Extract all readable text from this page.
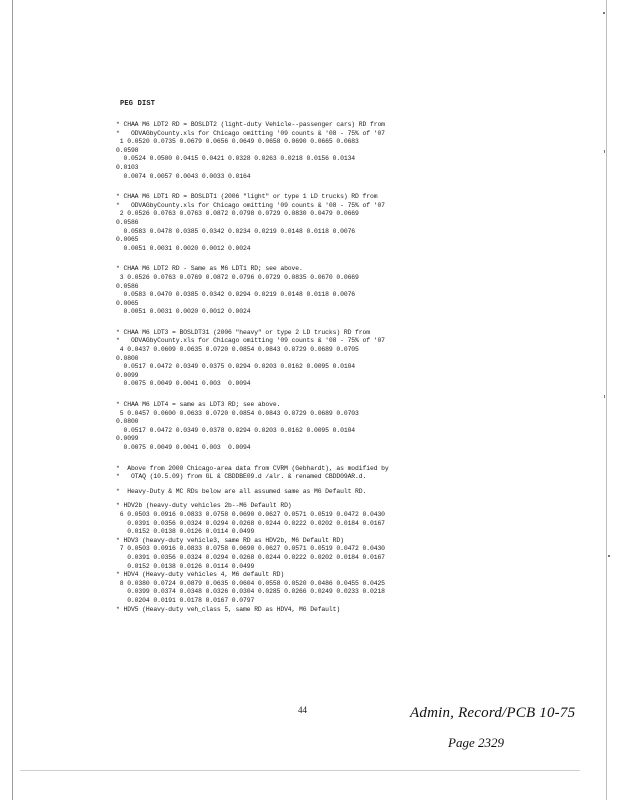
PEG DIST
* CHAA M6 LDT2 RD = BOSLDT2 (light-duty Vehicle--passenger cars) RD from
*   ODVAGbyCounty.xls for Chicago omitting '09 counts & '08 - 75% of '07
1 0.0520 0.0735 0.0679 0.0656 0.0649 0.0658 0.0690 0.0665 0.0683
0.0598
0.0524 0.0500 0.0415 0.0421 0.0328 0.0263 0.0218 0.0156 0.0134
0.0103
0.0074 0.0057 0.0043 0.0033 0.0164
* CHAA M6 LDT1 RD = BOSLDT1 (2006 "light" or type 1 LD trucks) RD from
*   ODVAGbyCounty.xls for Chicago omitting '09 counts & '08 - 75% of '07
2 0.0526 0.0763 0.0763 0.0872 0.0798 0.0729 0.0830 0.0479 0.0669
0.0586
0.0583 0.0478 0.0385 0.0342 0.0234 0.0219 0.0148 0.0118 0.0076
0.0065
0.0051 0.0031 0.0020 0.0012 0.0024
* CHAA M6 LDT2 RD - Same as M6 LDT1 RD; see above.
3 0.0526 0.0763 0.0769 0.0872 0.0796 0.0729 0.0835 0.0670 0.0669
0.0586
0.0583 0.0470 0.0385 0.0342 0.0294 0.0219 0.0148 0.0118 0.0076
0.0065
0.0051 0.0031 0.0020 0.0012 0.0024
* CHAA M6 LDT3 = BOSLDT31 (2006 "heavy" or type 2 LD trucks) RD from
*   ODVAGbyCounty.xls for Chicago omitting '09 counts & '08 - 75% of '07
4 0.0437 0.0609 0.0635 0.0720 0.0854 0.0843 0.0729 0.0689 0.0705
0.0800
0.0517 0.0472 0.0349 0.0375 0.0294 0.0203 0.0162 0.0095 0.0104
0.0099
0.0075 0.0049 0.0041 0.003  0.0094
* CHAA M6 LDT4 = same as LDT3 RD; see above.
5 0.0457 0.0600 0.0633 0.0720 0.0854 0.0843 0.0729 0.0689 0.0703
0.0800
0.0517 0.0472 0.0349 0.0378 0.0294 0.0203 0.0162 0.0095 0.0104
0.0099
0.0075 0.0049 0.0041 0.003  0.0094
*  Above from 2000 Chicago-area data from CVRM (Gebhardt), as modified by
*   OTAQ (10.5.09) from GL & CBDDBE09.d /alr. & renamed CBDD09AR.d.
*  Heavy-Duty & MC RDs below are all assumed same as M6 Default RD.
* HDV2b (heavy-duty vehicles 2b--M6 Default RD)
6 0.0503 0.0916 0.0833 0.0758 0.0690 0.0627 0.0571 0.0519 0.0472 0.0430
0.0391 0.0356 0.0324 0.0294 0.0268 0.0244 0.0222 0.0202 0.0184 0.0167
0.0152 0.0138 0.0126 0.0114 0.0499
* HDV3 (heavy-duty vehicle3, same RD as HDV2b, M6 Default RD)
7 0.0503 0.0916 0.0833 0.0758 0.0690 0.0627 0.0571 0.0519 0.0472 0.0430
0.0391 0.0356 0.0324 0.0294 0.0268 0.0244 0.0222 0.0202 0.0184 0.0167
0.0152 0.0138 0.0126 0.0114 0.0499
* HDV4 (Heavy-duty vehicles 4, M6 default RD)
8 0.0380 0.0724 0.0879 0.0635 0.0604 0.0558 0.0520 0.0486 0.0455 0.0425
0.0399 0.0374 0.0348 0.0326 0.0304 0.0285 0.0266 0.0249 0.0233 0.0218
0.0204 0.0191 0.0178 0.0167 0.0797
* HDV5 (Heavy-duty veh_class 5, same RD as HDV4, M6 Default)
44	Admin, Record/PCB 10-75
Page 2329
